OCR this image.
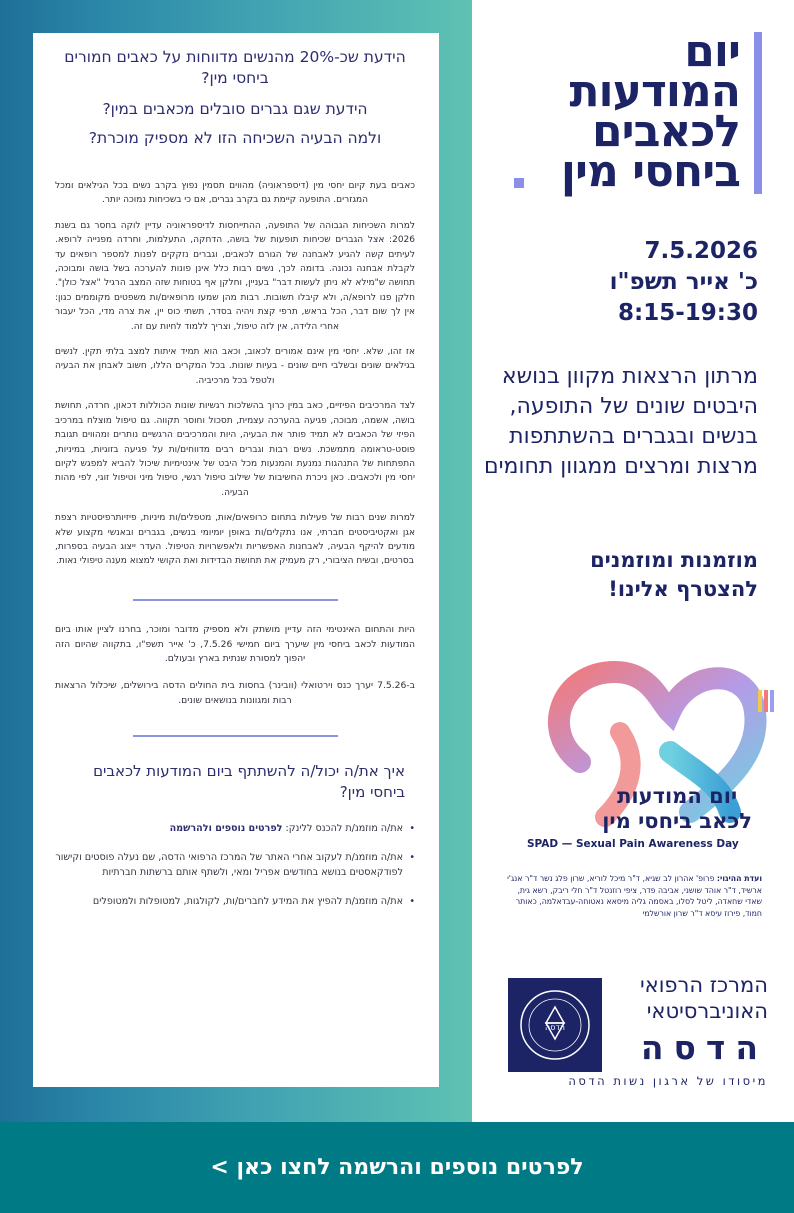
הידעת שכ-20% מהנשים מדווחות על כאבים חמורים ביחסי מין?
הידעת שגם גברים סובלים מכאבים במין?
ולמה הבעיה השכיחה הזו לא מספיק מוכרת?

כאבים בעת קיום יחסי מין (דיספראוניה) מהווים תסמין נפוץ בקרב נשים בכל הגילאים ומכל המגזרים. התופעה קיימת גם בקרב גברים, אם כי בשכיחות נמוכה יותר.

למרות השכיחות הגבוהה של התופעה, ההתייחסות לדיספראוניה עדיין לוקה בחסר גם בשנת 2026: אצל הגברים שכיחות תופעות של בושה, הדחקה, התעלמות, וחרדה מפנייה לרופא. לעיתים קשה להגיע לאבחנה של הגורם לכאבים, וגברים נזקקים לפנות למספר רופאים עד לקבלת אבחנה נכונה. בדומה לכך, נשים רבות כלל אינן פונות להערכה בשל בושה ומבוכה, תחושה ש"מילא לא ניתן לעשות דבר" בעניין, וחלקן אף בטוחות שזה המצב הרגיל "אצל כולן". חלקן פנו לרופא/ה, ולא קיבלו תשובות. רבות מהן שמעו מרופאים/ות משפטים מקוממים כגון: אין לך שום דבר, הכל בראש, תרפי קצת ויהיה בסדר, תשתי כוס יין, את צרה מדי, הכל יעבור אחרי הלידה, אין לזה טיפול, וצריך ללמוד לחיות עם זה.

אז זהו, שלא. יחסי מין אינם אמורים לכאוב, וכאב הוא תמיד איתות למצב בלתי תקין. לנשים בגילאים שונים ובשלבי חיים שונים - בעיות שונות. בכל המקרים הללו, חשוב לאבחן את הבעיה ולטפל בכל מרכיביה.

לצד המרכיבים הפיזיים, כאב במין כרוך בהשלכות רגשיות שונות הכוללות דכאון, חרדה, תחושת בושה, אשמה, מבוכה, פגיעה בהערכה עצמית, תסכול וחוסר תקווה. גם טיפול מוצלח במרכיב הפיזי של הכאבים לא תמיד פותר את הבעיה, היות והמרכיבים הרגשיים נותרים ומהווים תגובת פוסט-טראומה מתמשכת. נשים רבות וגברים רבים מדווחים/ות על פגיעה בזוגיות, במיניות, התפתחות של התנהגות נמנעת והמנעות מכל היבט של אינטימיות שיכול להביא למפגש לקיום יחסי מין ולכאבים. כאן ניכרת החשיבות של שילוב טיפול רגשי, טיפול מיני וטיפול זוגי, לפי מהות הבעיה.

למרות שנים רבות של פעילות בתחום כרופאים/אות, מטפלים/ות מיניות, פיזיותרפיסטיות רצפת אגן ואקטיביסטים חברתי, אנו נתקלים/ות באופן יומיומי בנשים, בגברים ובאנשי מקצוע שלא מודעים להיקף הבעיה, לאבחנות האפשריות ולאפשרויות הטיפול. העדר ייצוג הבעיה בספרות, בסרטים, ובשיח הציבורי, רק מעמיק את תחושת הבדידות ואת הקושי למצוא מענה טיפולי נאות.

היות והתחום האינטימי הזה עדיין מושתק ולא מספיק מדובר ומוכר, בחרנו לציין אותו ביום המודעות לכאב ביחסי מין שיערך ביום חמישי 7.5.26, כ' אייר תשפ"ו, בתקווה שהיום הזה יהפוך למסורת שנתית בארץ ובעולם.

ב-7.5.26 יערך כנס וירטואלי (וובינר) בחסות בית החולים הדסה בירושלים, שיכלול הרצאות רבות ומגוונות בנושאים שונים.

איך את/ה יכול/ה להשתתף ביום המודעות לכאבים ביחסי מין?
• את/ה מוזמנ/ת להכנס ללינק: לפרטים נוספים ולהרשמה
• את/ה מוזמנ/ת לעקוב אחרי האתר של המרכז הרפואי הדסה, שם נעלה פוסטים וקישור לפודקאסטים בנושא בחודשים אפריל ומאי, ולשתף אותם ברשתות חברתיות
• את/ה מוזמנ/ת להפיץ את המידע לחברים/ות, לקולגות, למטופלות ולמטופלים
יום
המודעות
לכאבים
ביחסי מין
7.5.2026
כ' אייר תשפ"ו
8:15-19:30
מרתון הרצאות מקוון בנושא היבטים שונים של התופעה, בנשים ובגברים בהשתתפות מרצות ומרצים ממגוון תחומים
מוזמנות ומוזמנים
להצטרף אלינו!
יום המודעות
לכאב ביחסי מין
SPAD — Sexual Pain Awareness Day
ועדת ההיגוי: פרופ' אהרון לב שגיא, ד"ר מיכל לוריא, שרון פלג נשר ד"ר אנג'י ארשיד, ד"ר אוהד שושני, אביבה פדר, ציפי רוזנטל ד"ר חלי ריבק, רשא גית, שאדי שחאדה, ליטל לסלו, באסמה גליה מיסאא נאטוחה-עבדאלמה, כאותר חמוד, פירוז עיסא ד"ר שרון אורשלמי
הדסה
המרכז הרפואי
האוניברסיטאי
הדסה
מיסודו של ארגון נשות הדסה
לפרטים נוספים והרשמה לחצו כאן >
